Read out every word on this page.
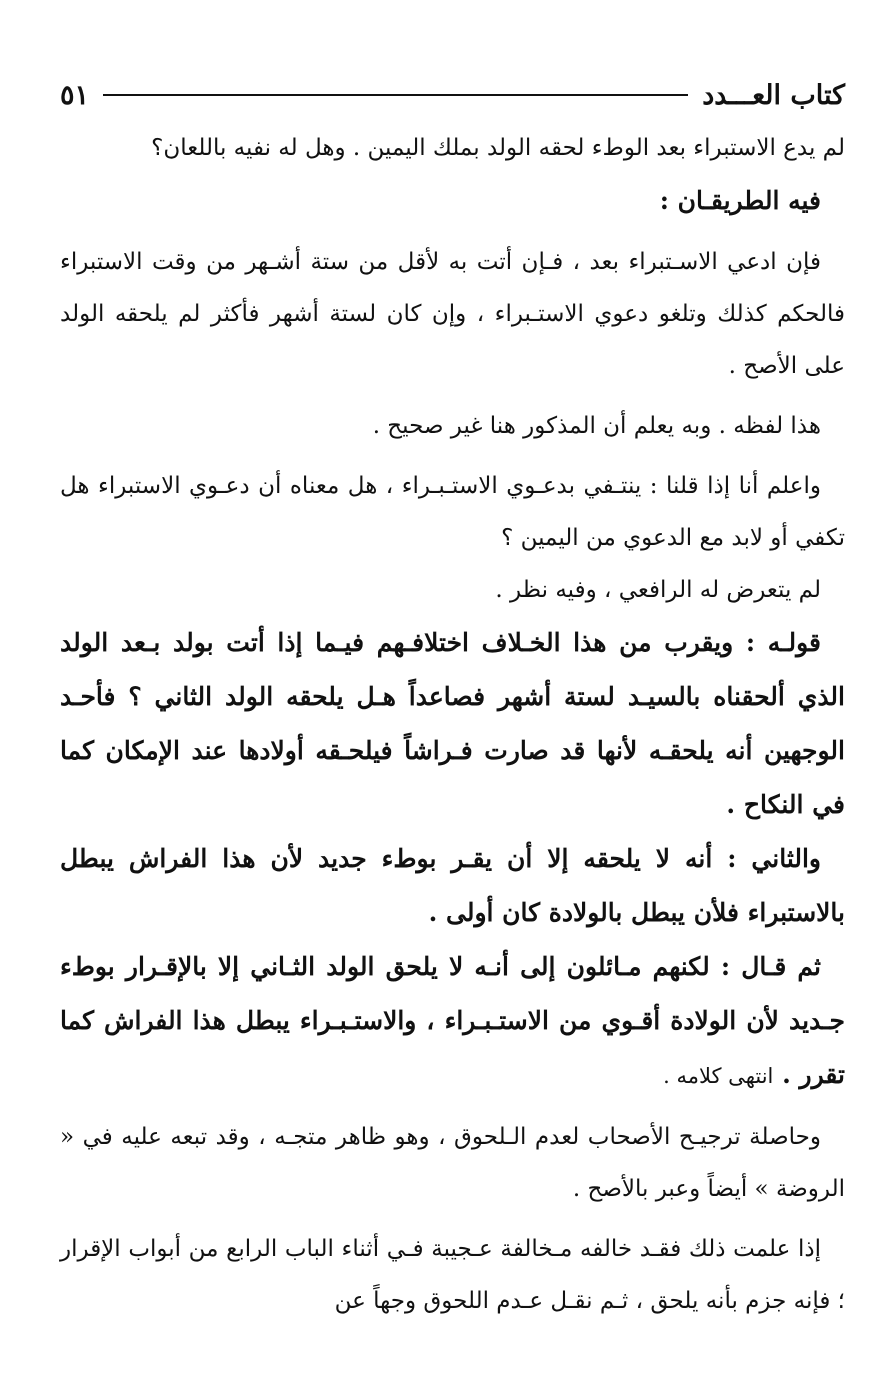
كتاب العـــدد
٥١

لم يدع الاستبراء بعد الوطء لحقه الولد بملك اليمين . وهل له نفيه باللعان؟

فيه الطريقـان :

فإن ادعي الاسـتبراء بعد ، فـإن أتت به لأقل من ستة أشـهر من وقت الاستبراء فالحكم كذلك وتلغو دعوي الاستـبراء ، وإن كان لستة أشهر فأكثر لم يلحقه الولد على الأصح .

هذا لفظه . وبه يعلم أن المذكور هنا غير صحيح .

واعلم أنا إذا قلنا : ينتـفي بدعـوي الاستـبـراء ، هل معناه أن دعـوي الاستبراء هل تكفي أو لابد مع الدعوي من اليمين ؟

لم يتعرض له الرافعي ، وفيه نظر .

قولـه : ويقرب من هذا الخـلاف اختلافـهم فيـما إذا أتت بولد بـعد الولد الذي ألحقناه بالسيـد لستة أشهر فصاعداً هـل يلحقه الولد الثاني ؟ فأحـد الوجهين أنه يلحقـه لأنها قد صارت فـراشاً فيلحـقه أولادها عند الإمكان كما في النكاح .

والثاني : أنه لا يلحقه إلا أن يقـر بوطء جديد لأن هذا الفراش يبطل بالاستبراء فلأن يبطل بالولادة كان أولى .

ثم قـال : لكنهم مـائلون إلى أنـه لا يلحق الولد الثـاني إلا بالإقـرار بوطء جـديد لأن الولادة أقـوي من الاستـبـراء ، والاستـبـراء يبطل هذا الفراش كما تقرر . انتهى كلامه .

وحاصلة ترجيـح الأصحاب لعدم الـلحوق ، وهو ظاهر متجـه ، وقد تبعه عليه في « الروضة » أيضاً وعبر بالأصح .

إذا علمت ذلك فقـد خالفه مـخالفة عـجيبة فـي أثناء الباب الرابع من أبواب الإقرار ؛ فإنه جزم بأنه يلحق ، ثـم نقـل عـدم اللحوق وجهاً عن
